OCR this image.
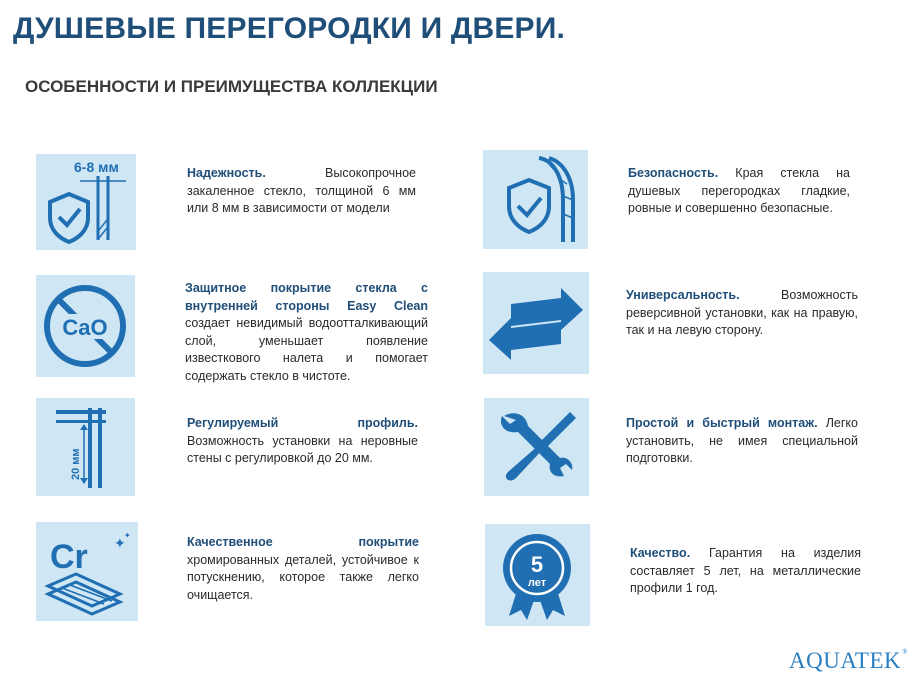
ДУШЕВЫЕ ПЕРЕГОРОДКИ И ДВЕРИ.
ОСОБЕННОСТИ И ПРЕИМУЩЕСТВА КОЛЛЕКЦИИ
6-8 мм	Надежность. Высокопрочное закаленное стекло, толщиной 6 мм или 8 мм в зависимости от модели
Безопасность. Края стекла на душевых перегородках гладкие, ровные и совершенно безопасные.
CaO
Защитное покрытие стекла с внутренней стороны Easy Clean создает невидимый водоотталкивающий слой, уменьшает появление известкового налета и помогает содержать стекло в чистоте.
Универсальность. Возможность реверсивной установки, как на правую, так и на левую сторону.
20 мм
Регулируемый профиль. Возможность установки на неровные стены с регулировкой до 20 мм.
Простой и быстрый монтаж. Легко установить, не имея специальной подготовки.
Cr ✦
✦	Качественное покрытие хромированных деталей, устойчивое к потускнению, которое также легко очищается.
5
лет
Качество. Гарантия на изделия составляет 5 лет, на металлические профили 1 год.
AQUATEK®
